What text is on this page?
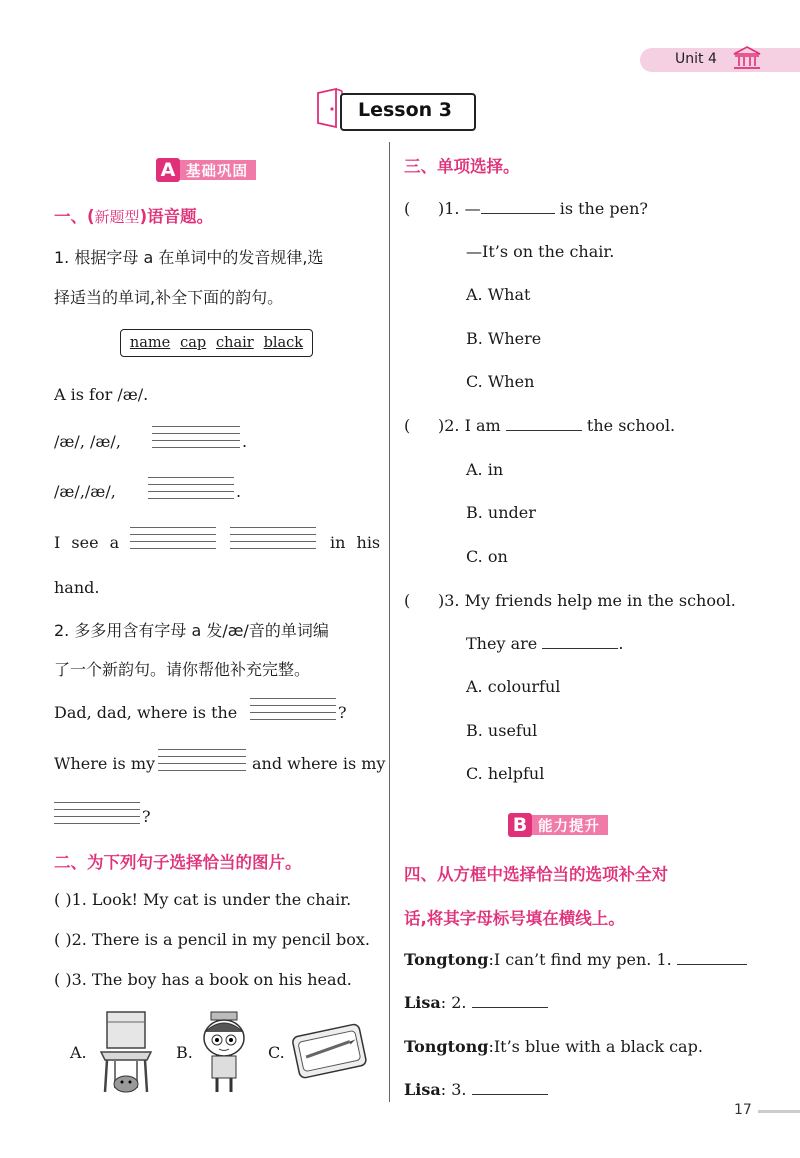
Unit 4
Lesson 3
A 基础巩固
一、(新题型)语音题。
1. 根据字母 a 在单词中的发音规律,选
择适当的单词,补全下面的韵句。
name cap chair black
A is for /æ/.
/æ/, /æ/,	.
/æ/,/æ/,	.
I see a	in his
hand.
2. 多多用含有字母 a 发/æ/音的单词编
了一个新韵句。请你帮他补充完整。
Dad, dad, where is the	?
Where is my	and where is my
?
二、为下列句子选择恰当的图片。
( )1. Look! My cat is under the chair.
( )2. There is a pencil in my pencil box.
( )3. The boy has a book on his head.
A.	B.	C.
三、单项选择。
( )1. —	is the pen?
—It’s on the chair.
A. What
B. Where
C. When
( )2. I am	the school.
A. in
B. under
C. on
( )3. My friends help me in the school.
They are	.
A. colourful
B. useful
C. helpful
B 能力提升
四、从方框中选择恰当的选项补全对
话,将其字母标号填在横线上。
Tongtong:I can’t find my pen. 1.
Lisa: 2.
Tongtong:It’s blue with a black cap.
Lisa: 3.
17
